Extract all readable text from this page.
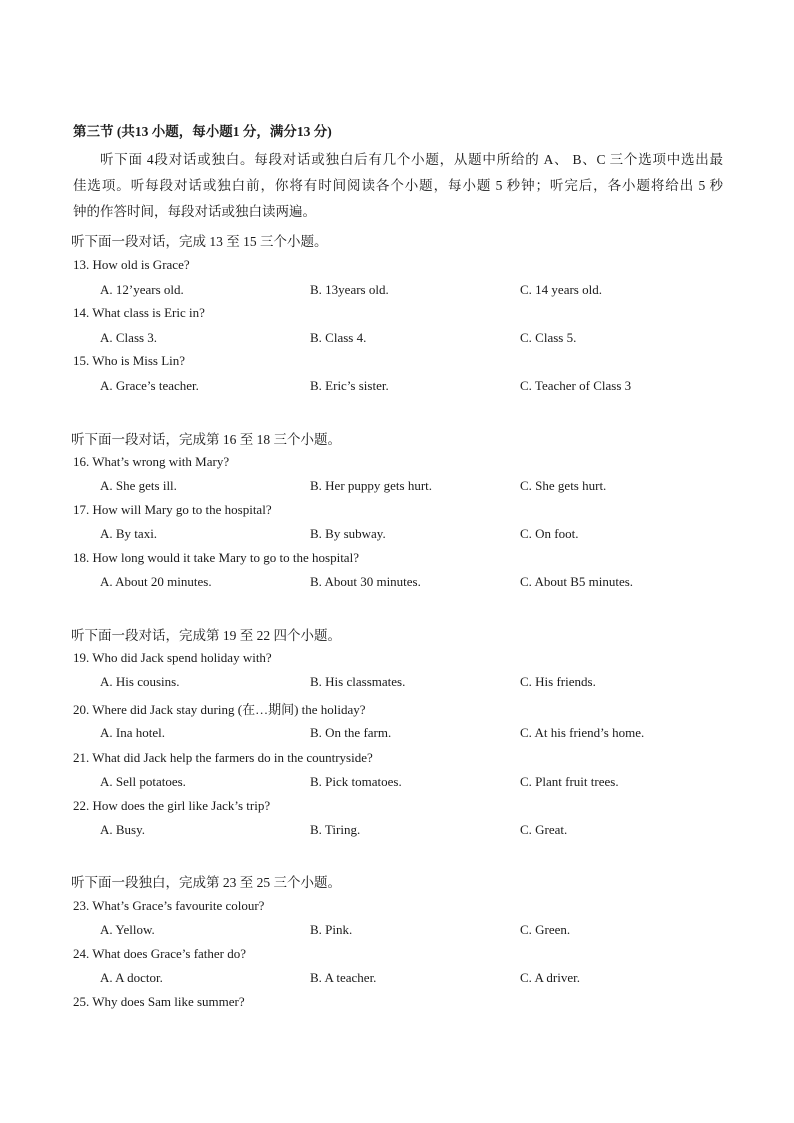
第三节 (共13 小题，每小题1 分，满分13 分)
听下面 4段对话或独白。每段对话或独白后有几个小题，从题中所给的 A、 B、C 三个选项中选出最
佳选项。听每段对话或独白前，你将有时间阅读各个小题，每小题 5 秒钟；听完后，各小题将给出 5 秒
钟的作答时间，每段对话或独白读两遍。
听下面一段对话，完成 13 至 15 三个小题。
13. How old is Grace?
A. 12’years old.	B. 13years old.	C. 14 years old.
14. What class is Eric in?
A. Class 3.	B. Class 4.	C. Class 5.
15. Who is Miss Lin?
A. Grace’s teacher.	B. Eric’s sister.	C. Teacher of Class 3
听下面一段对话，完成第 16 至 18 三个小题。
16. What’s wrong with Mary?
A. She gets ill.	B. Her puppy gets hurt.	C. She gets hurt.
17. How will Mary go to the hospital?
A. By taxi.	B. By subway.	C. On foot.
18. How long would it take Mary to go to the hospital?
A. About 20 minutes.	B. About 30 minutes.	C. About B5 minutes.
听下面一段对话，完成第 19 至 22 四个小题。
19. Who did Jack spend holiday with?
A. His cousins.	B. His classmates.	C. His friends.
20. Where did Jack stay during (在…期间) the holiday?
A. Ina hotel.	B. On the farm.	C. At his friend’s home.
21. What did Jack help the farmers do in the countryside?
A. Sell potatoes.	B. Pick tomatoes.	C. Plant fruit trees.
22. How does the girl like Jack’s trip?
A. Busy.	B. Tiring.	C. Great.
听下面一段独白，完成第 23 至 25 三个小题。
23. What’s Grace’s favourite colour?
A. Yellow.	B. Pink.	C. Green.
24. What does Grace’s father do?
A. A doctor.	B. A teacher.	C. A driver.
25. Why does Sam like summer?
